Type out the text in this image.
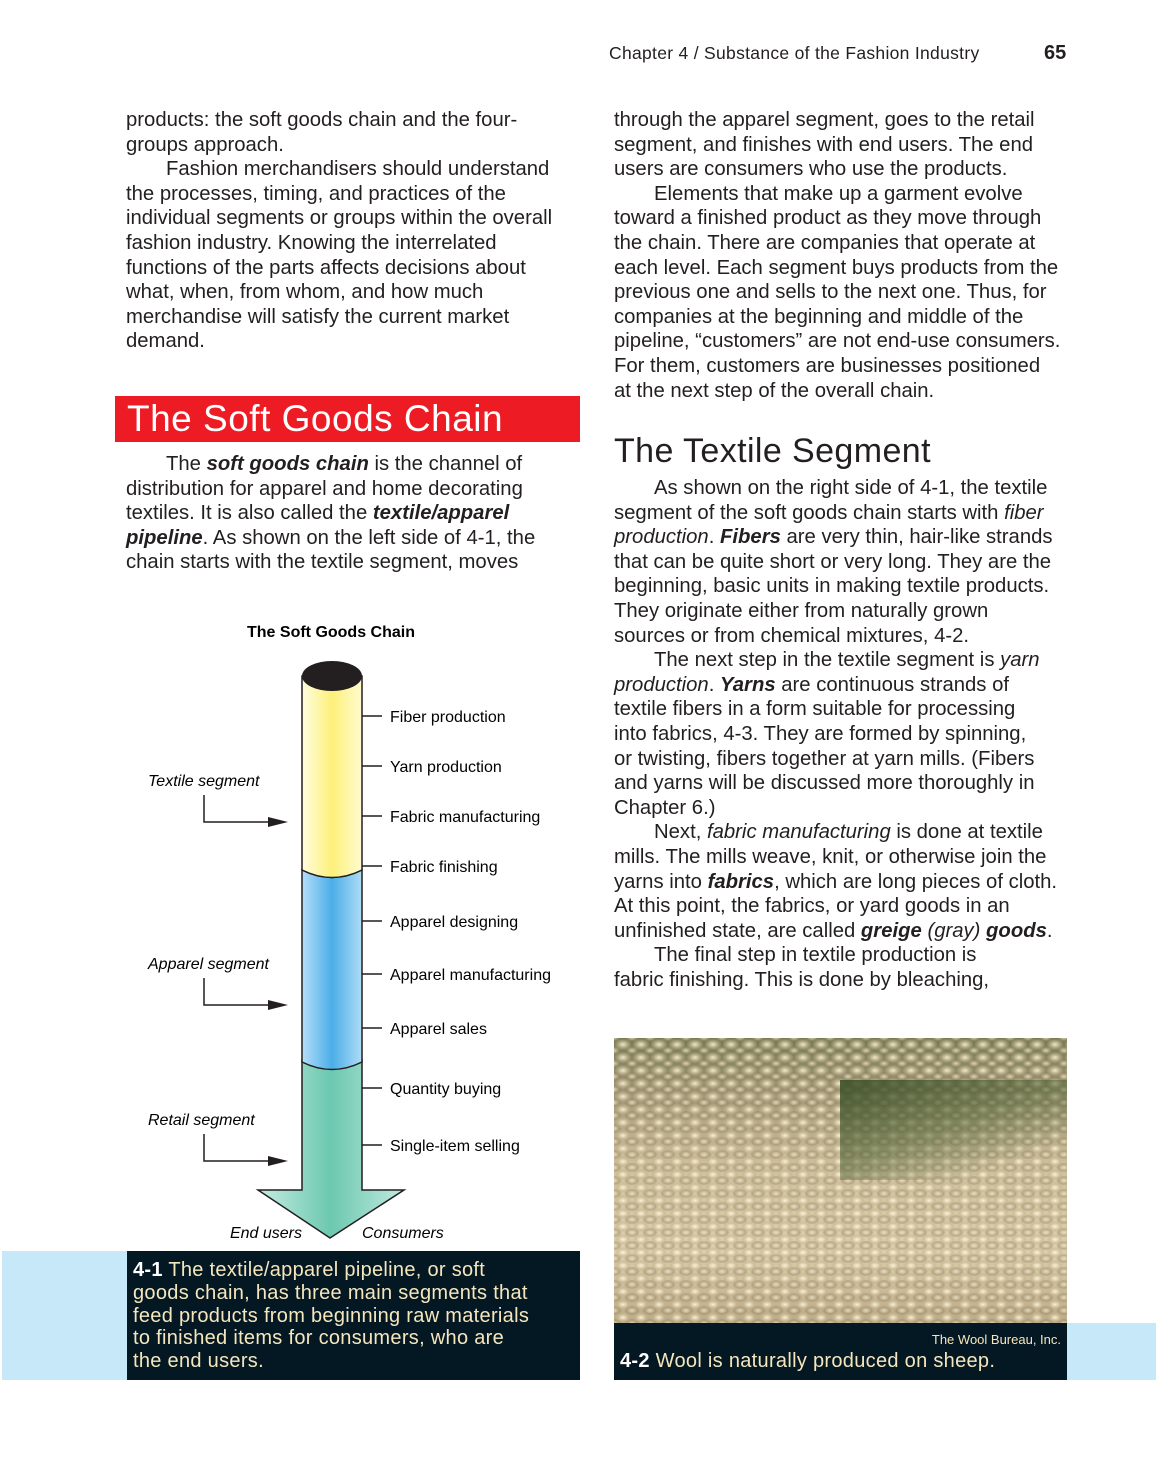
Chapter 4 / Substance of the Fashion Industry	65
products: the soft goods chain and the four-
groups approach.
Fashion merchandisers should understand
the processes, timing, and practices of the
individual segments or groups within the overall
fashion industry. Knowing the interrelated
functions of the parts affects decisions about
what, when, from whom, and how much
merchandise will satisfy the current market
demand.
The Soft Goods Chain
The soft goods chain is the channel of
distribution for apparel and home decorating
textiles. It is also called the textile/apparel
pipeline. As shown on the left side of 4-1, the
chain starts with the textile segment, moves
through the apparel segment, goes to the retail
segment, and finishes with end users. The end
users are consumers who use the products.
Elements that make up a garment evolve
toward a finished product as they move through
the chain. There are companies that operate at
each level. Each segment buys products from the
previous one and sells to the next one. Thus, for
companies at the beginning and middle of the
pipeline, “customers” are not end-use consumers.
For them, customers are businesses positioned
at the next step of the overall chain.
The Textile Segment
As shown on the right side of 4-1, the textile
segment of the soft goods chain starts with fiber
production. Fibers are very thin, hair-like strands
that can be quite short or very long. They are the
beginning, basic units in making textile products.
They originate either from naturally grown
sources or from chemical mixtures, 4-2.
The next step in the textile segment is yarn
production. Yarns are continuous strands of
textile fibers in a form suitable for processing
into fabrics, 4-3. They are formed by spinning,
or twisting, fibers together at yarn mills. (Fibers
and yarns will be discussed more thoroughly in
Chapter 6.)
Next, fabric manufacturing is done at textile
mills. The mills weave, knit, or otherwise join the
yarns into fabrics, which are long pieces of cloth.
At this point, the fabrics, or yard goods in an
unfinished state, are called greige (gray) goods.
The final step in textile production is
fabric finishing. This is done by bleaching,
The Soft Goods Chain
Fiber production
Yarn production
Fabric manufacturing
Fabric finishing
Apparel designing
Apparel manufacturing
Apparel sales
Quantity buying
Single-item selling
Textile segment
Apparel segment
Retail segment
End users	Consumers
4-1 The textile/apparel pipeline, or soft
goods chain, has three main segments that
feed products from beginning raw materials
to finished items for consumers, who are
the end users.
The Wool Bureau, Inc.
4-2 Wool is naturally produced on sheep.
